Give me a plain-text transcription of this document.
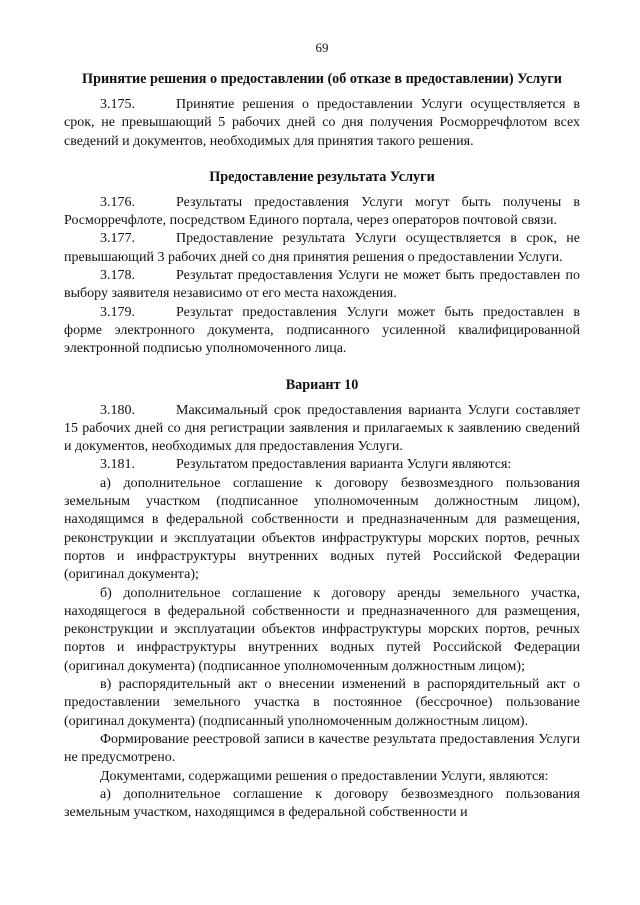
69
Принятие решения о предоставлении (об отказе в предоставлении) Услуги

3.175.	Принятие решения о предоставлении Услуги осуществляется в срок, не превышающий 5 рабочих дней со дня получения Росморречфлотом всех сведений и документов, необходимых для принятия такого решения.

Предоставление результата Услуги

3.176.	Результаты предоставления Услуги могут быть получены в Росморречфлоте, посредством Единого портала, через операторов почтовой связи.

3.177.	Предоставление результата Услуги осуществляется в срок, не превышающий 3 рабочих дней со дня принятия решения о предоставлении Услуги.

3.178.	Результат предоставления Услуги не может быть предоставлен по выбору заявителя независимо от его места нахождения.

3.179.	Результат предоставления Услуги может быть предоставлен в форме электронного документа, подписанного усиленной квалифицированной электронной подписью уполномоченного лица.

Вариант 10

3.180.	Максимальный срок предоставления варианта Услуги составляет 15 рабочих дней со дня регистрации заявления и прилагаемых к заявлению сведений и документов, необходимых для предоставления Услуги.

3.181.	Результатом предоставления варианта Услуги являются:

а) дополнительное соглашение к договору безвозмездного пользования земельным участком (подписанное уполномоченным должностным лицом), находящимся в федеральной собственности и предназначенным для размещения, реконструкции и эксплуатации объектов инфраструктуры морских портов, речных портов и инфраструктуры внутренних водных путей Российской Федерации (оригинал документа);

б) дополнительное соглашение к договору аренды земельного участка, находящегося в федеральной собственности и предназначенного для размещения, реконструкции и эксплуатации объектов инфраструктуры морских портов, речных портов и инфраструктуры внутренних водных путей Российской Федерации (оригинал документа) (подписанное уполномоченным должностным лицом);

в) распорядительный акт о внесении изменений в распорядительный акт о предоставлении земельного участка в постоянное (бессрочное) пользование (оригинал документа) (подписанный уполномоченным должностным лицом).

Формирование реестровой записи в качестве результата предоставления Услуги не предусмотрено.

Документами, содержащими решения о предоставлении Услуги, являются:

а) дополнительное соглашение к договору безвозмездного пользования земельным участком, находящимся в федеральной собственности и
